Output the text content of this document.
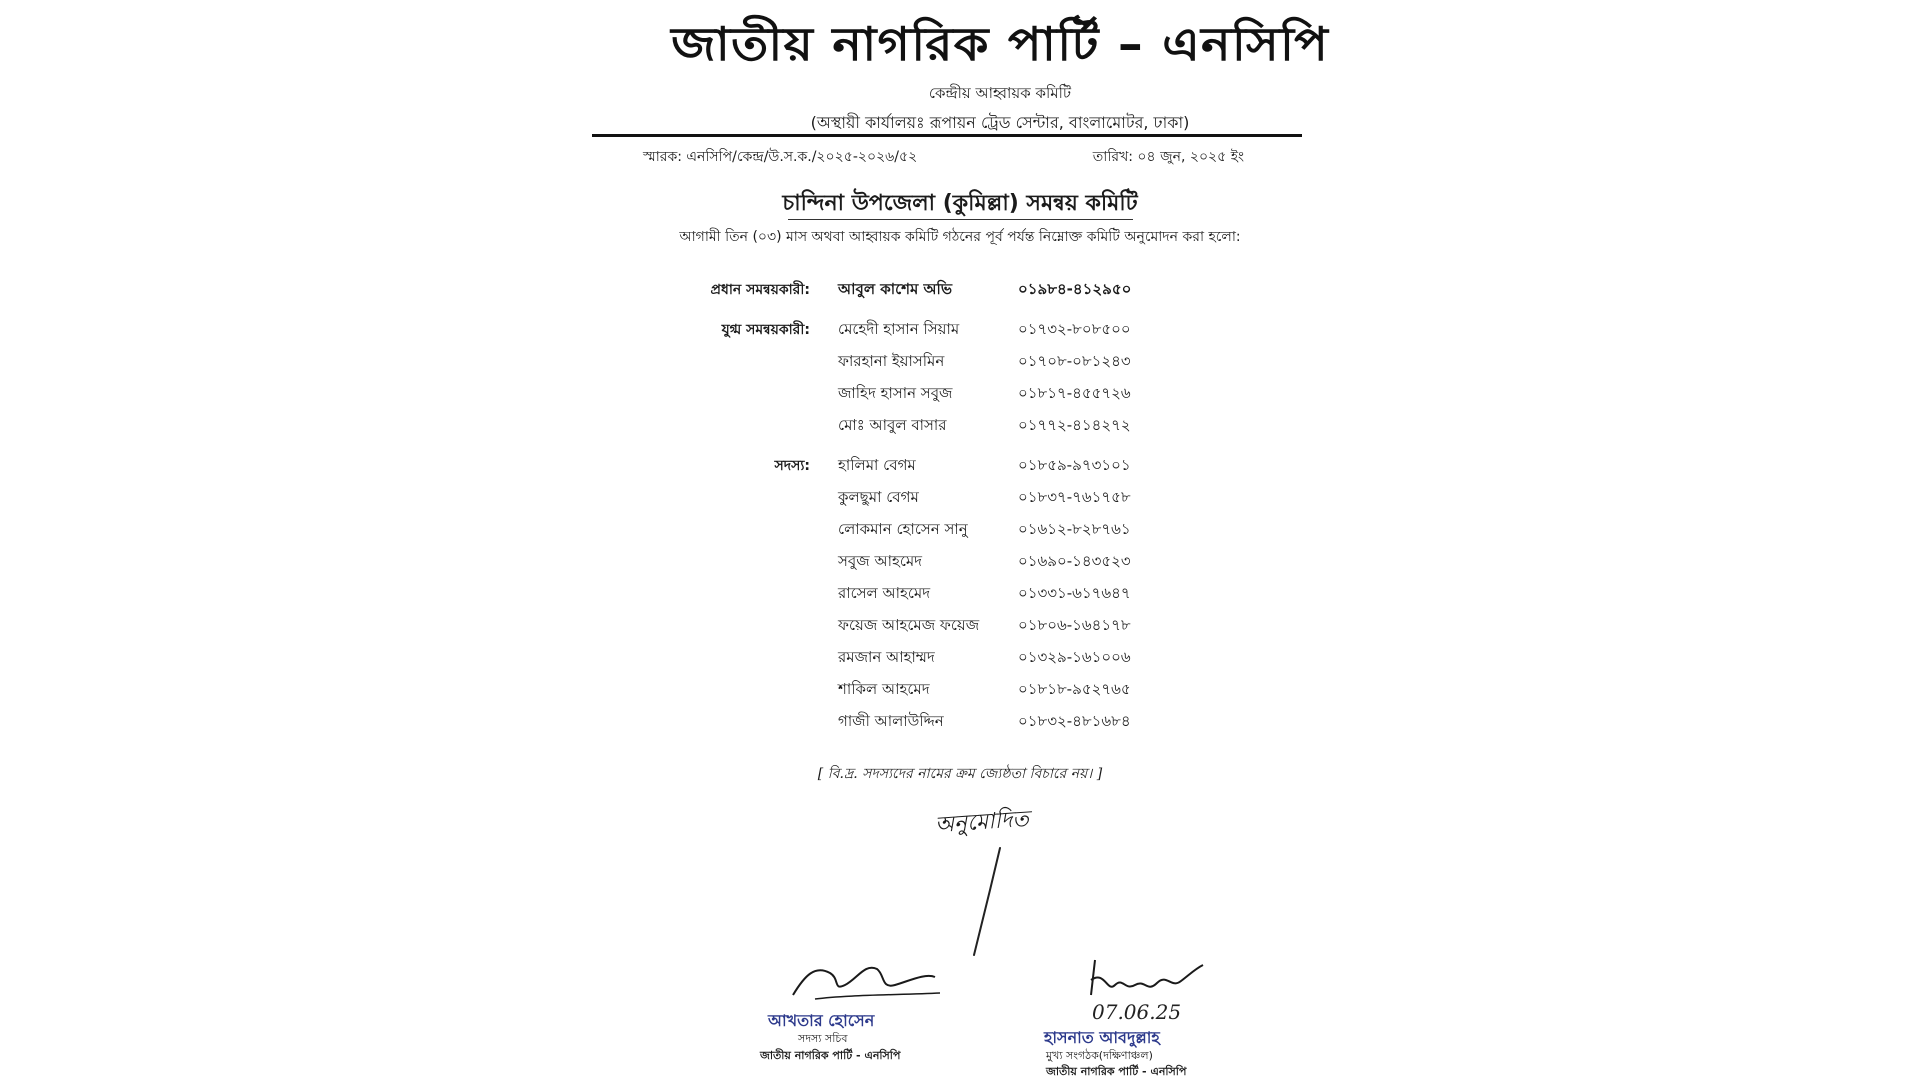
জাতীয় নাগরিক পার্টি – এনসিপি
কেন্দ্রীয় আহ্বায়ক কমিটি
(অস্থায়ী কার্যালয়ঃ রূপায়ন ট্রেড সেন্টার, বাংলামোটর, ঢাকা)
স্মারক: এনসিপি/কেন্দ্র/উ.স.ক./২০২৫-২০২৬/৫২	তারিখ: ০৪ জুন, ২০২৫ ইং
চান্দিনা উপজেলা (কুমিল্লা) সমন্বয় কমিটি
আগামী তিন (০৩) মাস অথবা আহ্বায়ক কমিটি গঠনের পূর্ব পর্যন্ত নিম্নোক্ত কমিটি অনুমোদন করা হলো:
প্রধান সমন্বয়কারী: আবুল কাশেম অভি	০১৯৮৪-৪১২৯৫০
যুগ্ম সমন্বয়কারী: মেহেদী হাসান সিয়াম	০১৭৩২-৮০৮৫০০
ফারহানা ইয়াসমিন	০১৭০৮-০৮১২৪৩
জাহিদ হাসান সবুজ	০১৮১৭-৪৫৫৭২৬
মোঃ আবুল বাসার	০১৭৭২-৪১৪২৭২
সদস্য: হালিমা বেগম	০১৮৫৯-৯৭৩১০১
কুলছুমা বেগম	০১৮৩৭-৭৬১৭৫৮
লোকমান হোসেন সানু	০১৬১২-৮২৮৭৬১
সবুজ আহমেদ	০১৬৯০-১৪৩৫২৩
রাসেল আহমেদ	০১৩৩১-৬১৭৬৪৭
ফয়েজ আহমেজ ফয়েজ	০১৮০৬-১৬৪১৭৮
রমজান আহাম্মদ	০১৩২৯-১৬১০০৬
শাকিল আহমেদ	০১৮১৮-৯৫২৭৬৫
গাজী আলাউদ্দিন	০১৮৩২-৪৮১৬৮৪
[ বি.দ্র. সদস্যদের নামের ক্রম জ্যেষ্ঠতা বিচারে নয়। ]
অনুমোদিত
আখতার হোসেন
সদস্য সচিব
জাতীয় নাগরিক পার্টি - এনসিপি
07.06.25
হাসনাত আবদুল্লাহ
মুখ্য সংগঠক(দক্ষিণাঞ্চল)
জাতীয় নাগরিক পার্টি - এনসিপি
